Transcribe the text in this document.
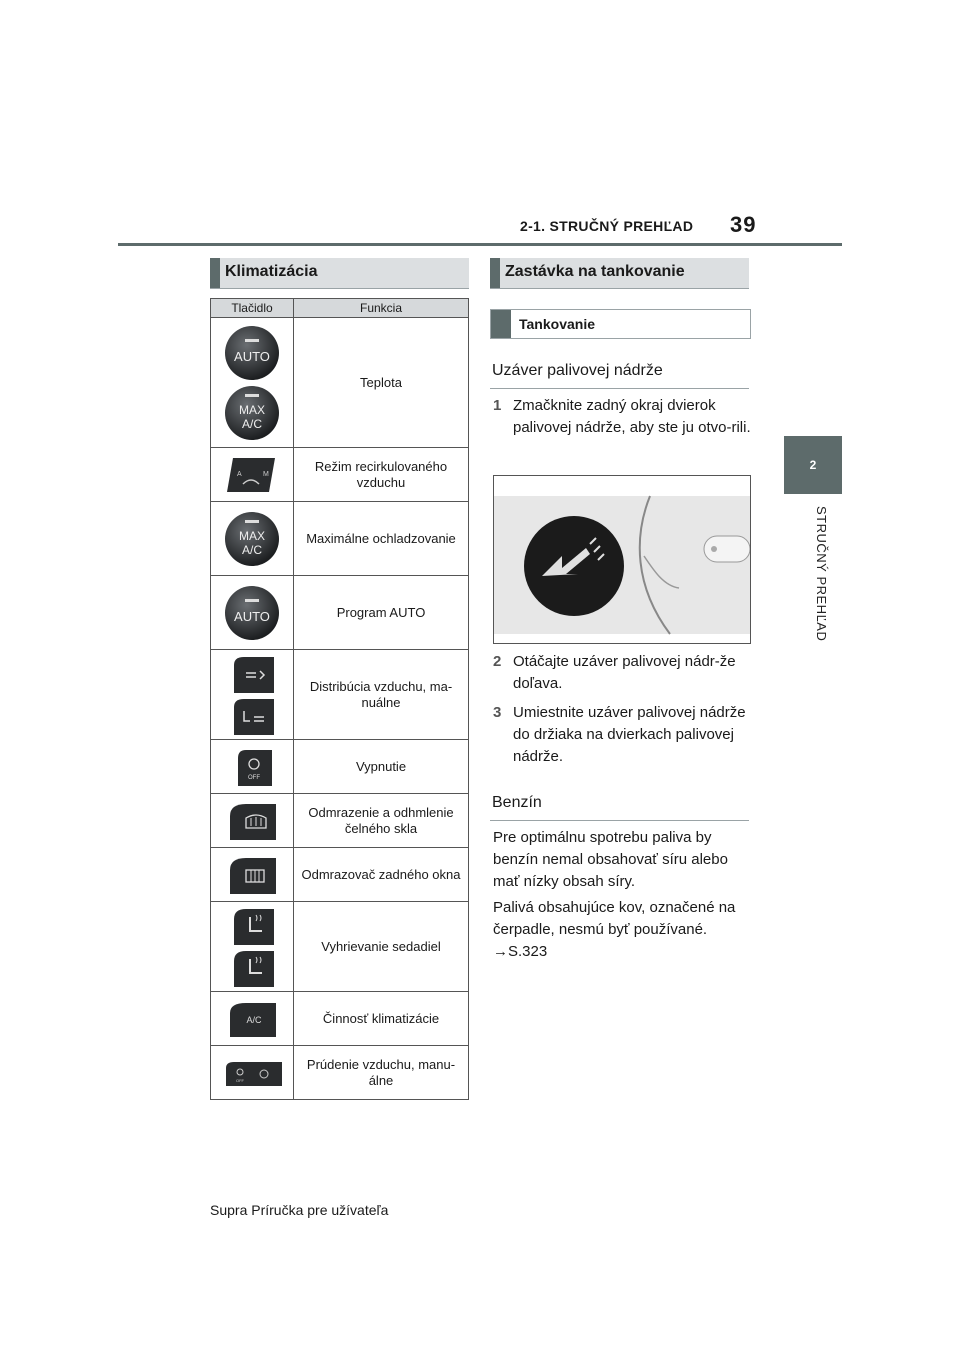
2-1. STRUČNÝ PREHĽAD 39
2
STRUČNÝ PREHĽAD
Klimatizácia
Tlačidlo	Funkcia

AUTO
MAX
A/C	Teplota

A M	Režim recirkulovaného vzduchu

MAX
A/C	Maximálne ochladzovanie

AUTO	Program AUTO

Distribúcia vzduchu, ma-nuálne

OFF	Vypnutie

Odmrazenie a odhmlenie čelného skla

Odmrazovač zadného okna

Vyhrievanie sedadiel

A/C	Činnosť klimatizácie

OFF	Prúdenie vzduchu, manu-álne
Zastávka na tankovanie
Tankovanie
Uzáver palivovej nádrže
1 Zmačknite zadný okraj dvierok palivovej nádrže, aby ste ju otvo-rili.
2 Otáčajte uzáver palivovej nádr-že doľava.
3 Umiestnite uzáver palivovej nádrže do držiaka na dvierkach palivovej nádrže.
Benzín
Pre optimálnu spotrebu paliva by benzín nemal obsahovať síru alebo mať nízky obsah síry.
Palivá obsahujúce kov, označené na čerpadle, nesmú byť používané.
→S.323
Supra Príručka pre užívateľa
